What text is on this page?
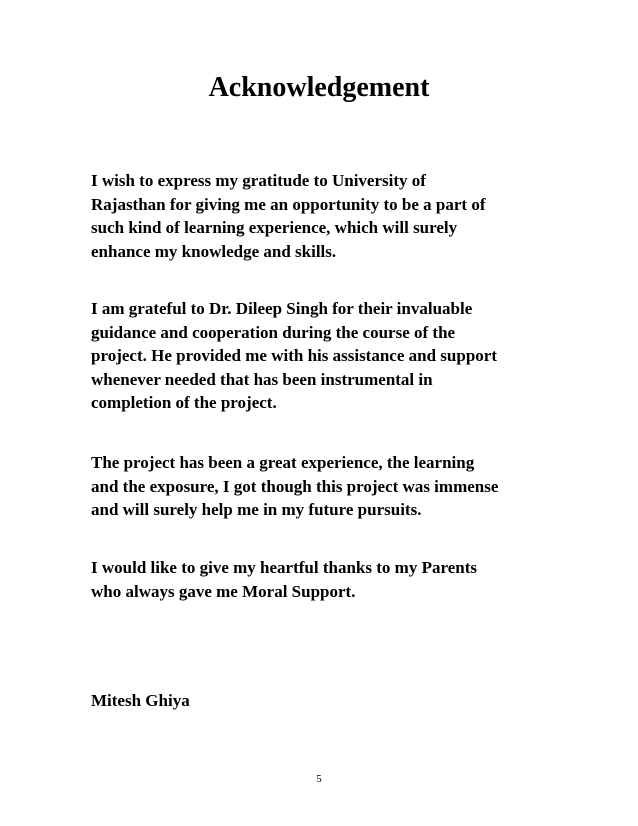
Acknowledgement

I wish to express my gratitude to University of
Rajasthan for giving me an opportunity to be a part of
such kind of learning experience, which will surely
enhance my knowledge and skills.

I am grateful to Dr. Dileep Singh for their invaluable
guidance and cooperation during the course of the
project. He provided me with his assistance and support
whenever needed that has been instrumental in
completion of the project.

The project has been a great experience, the learning
and the exposure, I got though this project was immense
and will surely help me in my future pursuits.

I would like to give my heartful thanks to my Parents
who always gave me Moral Support.

Mitesh Ghiya

5
